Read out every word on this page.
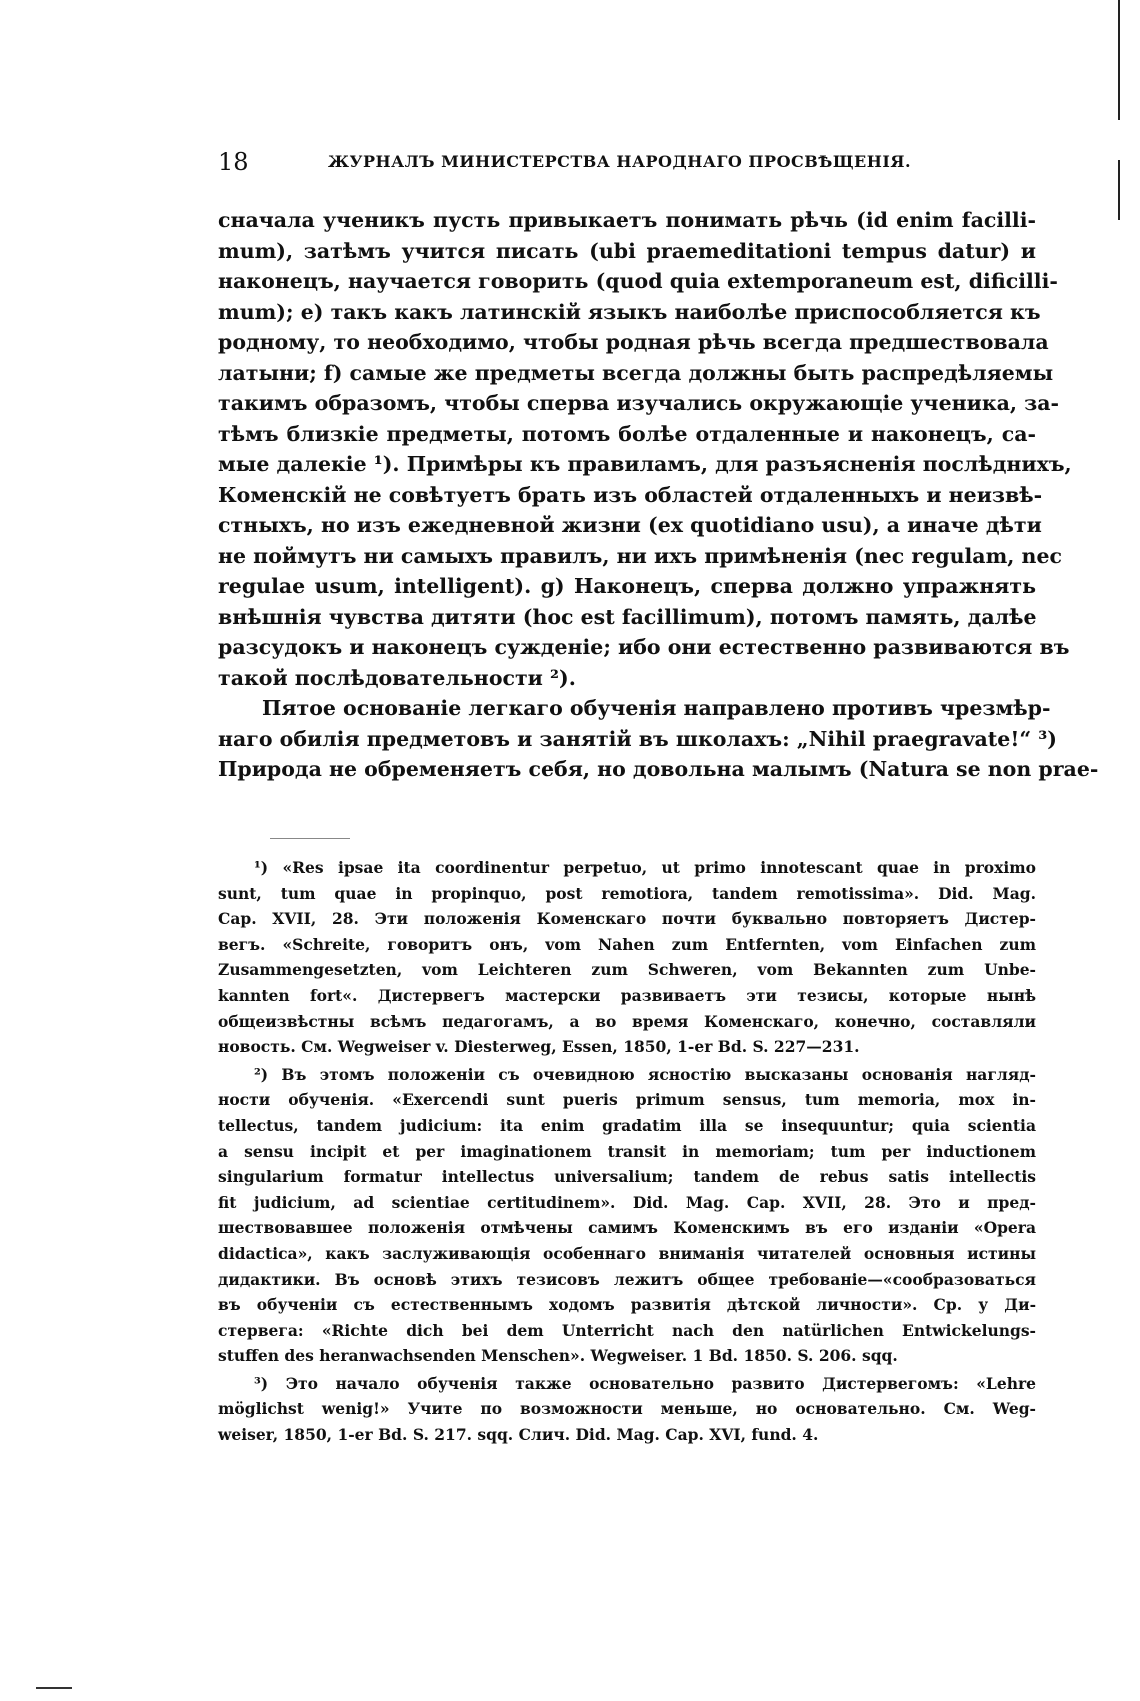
18	ЖУРНАЛЪ МИНИСТЕРСТВА НАРОДНАГО ПРОСВѢЩЕНІЯ.
сначала ученикъ пусть привыкаетъ понимать рѣчь (id enim facilli-
mum), затѣмъ учится писать (ubi praemeditationi tempus datur) и
наконецъ, научается говорить (quod quia extemporaneum est, dificilli-
mum); e) такъ какъ латинскій языкъ наиболѣе приспособляется къ
родному, то необходимо, чтобы родная рѣчь всегда предшествовала
латыни; f) самые же предметы всегда должны быть распредѣляемы
такимъ образомъ, чтобы сперва изучались окружающіе ученика, за-
тѣмъ близкіе предметы, потомъ болѣе отдаленные и наконецъ, са-
мые далекіе ¹). Примѣры къ правиламъ, для разъясненія послѣднихъ,
Коменскій не совѣтуетъ брать изъ областей отдаленныхъ и неизвѣ-
стныхъ, но изъ ежедневной жизни (ex quotidiano usu), а иначе дѣти
не поймутъ ни самыхъ правилъ, ни ихъ примѣненія (nec regulam, nec
regulae usum, intelligent). g) Наконецъ, сперва должно упражнять
внѣшнія чувства дитяти (hoc est facillimum), потомъ память, далѣе
разсудокъ и наконецъ сужденіе; ибо они естественно развиваются въ
такой послѣдовательности ²).
Пятое основаніе легкаго обученія направлено противъ чрезмѣр-
наго обилія предметовъ и занятій въ школахъ: „Nihil praegravate!“ ³)
Природа не обременяетъ себя, но довольна малымъ (Natura se non prae-
¹) «Res ipsae ita coordinentur perpetuo, ut primo innotescant quae in proximo
sunt, tum quae in propinquo, post remotiora, tandem remotissima». Did. Mag.
Cap. XVII, 28. Эти положенія Коменскаго почти буквально повторяетъ Дистер-
вегъ. «Schreite, говоритъ онъ, vom Nahen zum Entfernten, vom Einfachen zum
Zusammengesetzten, vom Leichteren zum Schweren, vom Bekannten zum Unbe-
kannten fort«. Дистервегъ мастерски развиваетъ эти тезисы, которые нынѣ
общеизвѣстны всѣмъ педагогамъ, а во время Коменскаго, конечно, составляли
новость. См. Wegweiser v. Diesterweg, Essen, 1850, 1-er Bd. S. 227—231.
²) Въ этомъ положеніи съ очевидною ясностію высказаны основанія нагляд-
ности обученія. «Exercendi sunt pueris primum sensus, tum memoria, mox in-
tellectus, tandem judicium: ita enim gradatim illa se insequuntur; quia scientia
a sensu incipit et per imaginationem transit in memoriam; tum per inductionem
singularium formatur intellectus universalium; tandem de rebus satis intellectis
fit judicium, ad scientiae certitudinem». Did. Mag. Cap. XVII, 28. Это и пред-
шествовавшее положенія отмѣчены самимъ Коменскимъ въ его изданіи «Opera
didactica», какъ заслуживающія особеннаго вниманія читателей основныя истины
дидактики. Въ основѣ этихъ тезисовъ лежитъ общее требованіе—«сообразоваться
въ обученіи съ естественнымъ ходомъ развитія дѣтской личности». Ср. у Ди-
стервега: «Richte dich bei dem Unterricht nach den natürlichen Entwickelungs-
stuffen des heranwachsenden Menschen». Wegweiser. 1 Bd. 1850. S. 206. sqq.
³) Это начало обученія также основательно развито Дистервегомъ: «Lehre
möglichst wenig!» Учите по возможности меньше, но основательно. См. Weg-
weiser, 1850, 1-er Bd. S. 217. sqq. Слич. Did. Mag. Cap. XVI, fund. 4.
